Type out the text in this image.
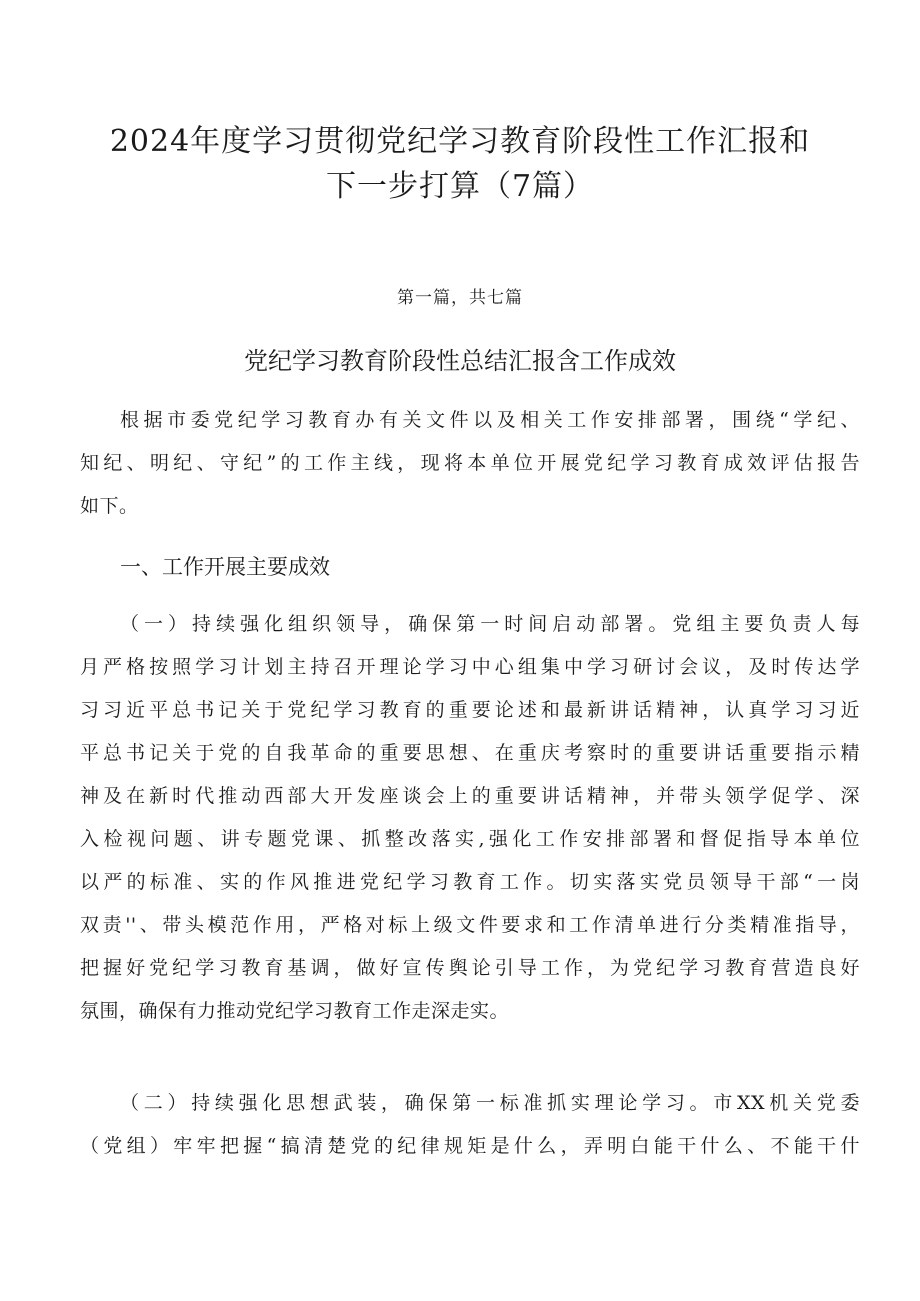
2024年度学习贯彻党纪学习教育阶段性工作汇报和
下一步打算（7篇）
第一篇，共七篇
党纪学习教育阶段性总结汇报含工作成效
根据市委党纪学习教育办有关文件以及相关工作安排部署，围绕“学纪、
知纪、明纪、守纪”的工作主线，现将本单位开展党纪学习教育成效评估报告
如下。
一、工作开展主要成效
（一）持续强化组织领导，确保第一时间启动部署。党组主要负责人每
月严格按照学习计划主持召开理论学习中心组集中学习研讨会议，及时传达学
习习近平总书记关于党纪学习教育的重要论述和最新讲话精神，认真学习习近
平总书记关于党的自我革命的重要思想、在重庆考察时的重要讲话重要指示精
神及在新时代推动西部大开发座谈会上的重要讲话精神，并带头领学促学、深
入检视问题、讲专题党课、抓整改落实,强化工作安排部署和督促指导本单位
以严的标准、实的作风推进党纪学习教育工作。切实落实党员领导干部“一岗
双责''、带头模范作用，严格对标上级文件要求和工作清单进行分类精准指导，
把握好党纪学习教育基调，做好宣传舆论引导工作，为党纪学习教育营造良好
氛围，确保有力推动党纪学习教育工作走深走实。
（二）持续强化思想武装，确保第一标准抓实理论学习。市XX机关党委
（党组）牢牢把握“搞清楚党的纪律规矩是什么，弄明白能干什么、不能干什
